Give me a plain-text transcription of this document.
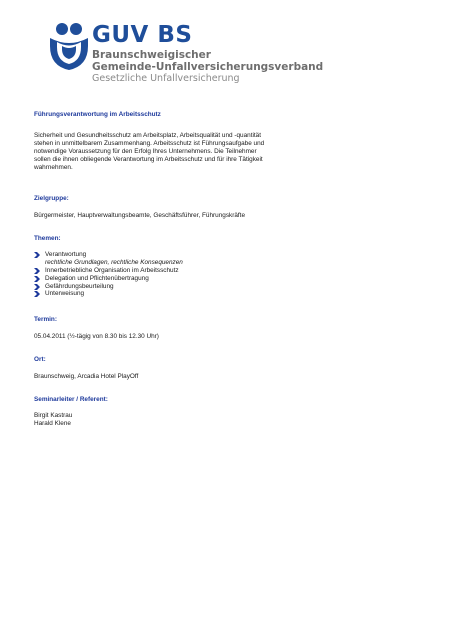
GUV BS
Braunschweigischer
Gemeinde-Unfallversicherungsverband
Gesetzliche Unfallversicherung
Führungsverantwortung im Arbeitsschutz
Sicherheit und Gesundheitsschutz am Arbeitsplatz, Arbeitsqualität und -quantität
stehen in unmittelbarem Zusammenhang. Arbeitsschutz ist Führungsaufgabe und
notwendige Voraussetzung für den Erfolg Ihres Unternehmens. Die Teilnehmer
sollen die ihnen obliegende Verantwortung im Arbeitsschutz und für ihre Tätigkeit
wahrnehmen.
Zielgruppe:
Bürgermeister, Hauptverwaltungsbeamte, Geschäftsführer, Führungskräfte
Themen:
Verantwortung
rechtliche Grundlagen, rechtliche Konsequenzen
Innerbetriebliche Organisation im Arbeitsschutz
Delegation und Pflichtenübertragung
Gefährdungsbeurteilung
Unterweisung
Termin:
05.04.2011 (½-tägig von 8.30 bis 12.30 Uhr)
Ort:
Braunschweig, Arcadia Hotel PlayOff
Seminarleiter / Referent:
Birgit Kastrau
Harald Klene
